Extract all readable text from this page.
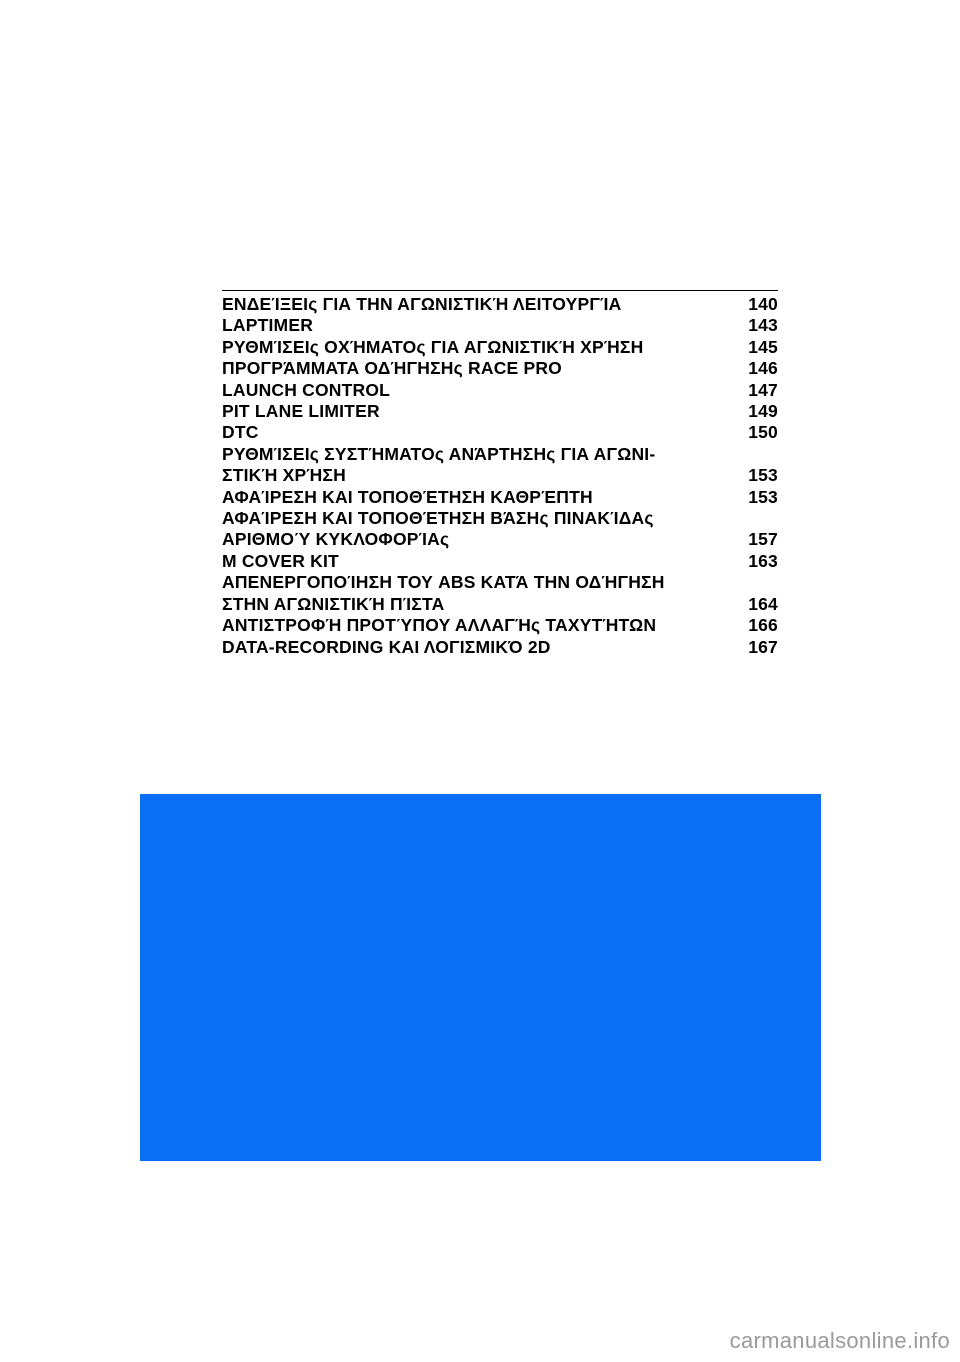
ΕΝΔΕΊΞΕΙς ΓΙΑ ΤΗΝ ΑΓΩΝΙΣΤΙΚΉ ΛΕΙΤΟΥΡΓΊΑ	140
LAPTIMER	143
ΡΥΘΜΊΣΕΙς ΟΧΉΜΑΤΟς ΓΙΑ ΑΓΩΝΙΣΤΙΚΉ ΧΡΉΣΗ	145
ΠΡΟΓΡΆΜΜΑΤΑ ΟΔΉΓΗΣΗς RACE PRO	146
LAUNCH CONTROL	147
PIT LANE LIMITER	149
DTC	150
ΡΥΘΜΊΣΕΙς ΣΥΣΤΉΜΑΤΟς ΑΝΆΡΤΗΣΗς ΓΙΑ ΑΓΩΝΙ-
ΣΤΙΚΉ ΧΡΉΣΗ	153
ΑΦΑΊΡΕΣΗ ΚΑΙ ΤΟΠΟΘΈΤΗΣΗ ΚΑΘΡΈΠΤΗ	153
ΑΦΑΊΡΕΣΗ ΚΑΙ ΤΟΠΟΘΈΤΗΣΗ ΒΆΣΗς ΠΙΝΑΚΊΔΑς
ΑΡΙΘΜΟΎ ΚΥΚΛΟΦΟΡΊΑς	157
M COVER KIT	163
ΑΠΕΝΕΡΓΟΠΟΊΗΣΗ ΤΟΥ ABS ΚΑΤΆ ΤΗΝ ΟΔΉΓΗΣΗ
ΣΤΗΝ ΑΓΩΝΙΣΤΙΚΉ ΠΊΣΤΑ	164
ΑΝΤΙΣΤΡΟΦΉ ΠΡΟΤΎΠΟΥ ΑΛΛΑΓΉς ΤΑΧΥΤΉΤΩΝ	166
DATA-RECORDING ΚΑΙ ΛΟΓΙΣΜΙΚΌ 2D	167
carmanualsonline.info
